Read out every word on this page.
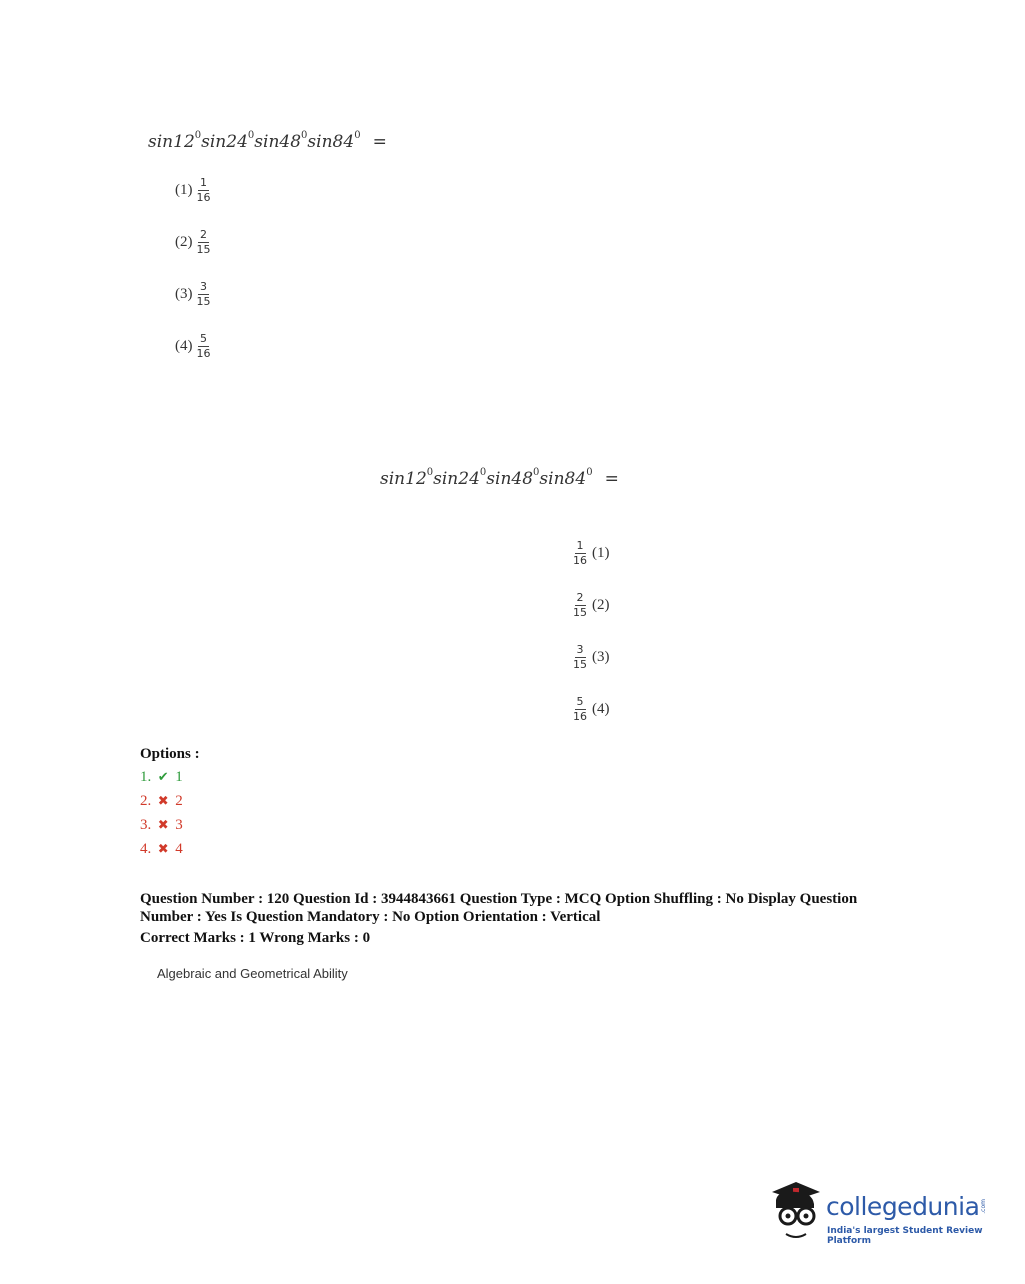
$\sin 12^0\sin 24^0\sin 48^0\sin 84^0$ =
$(1) \frac{1}{16}$
$(2) \frac{2}{15}$
$(3) \frac{3}{15}$
$(4) \frac{5}{16}$
$\sin 12^0\sin 24^0\sin 48^0\sin 84^0$ =
$\frac{1}{16} (1)$
$\frac{2}{15} (2)$
$\frac{3}{15} (3)$
$\frac{5}{16} (4)$
Options :
1. ✔ 1
2. ✖ 2
3. ✖ 3
4. ✖ 4
Question Number : 120 Question Id : 3944843661 Question Type : MCQ Option Shuffling : No Display Question
Number : Yes Is Question Mandatory : No Option Orientation : Vertical
Correct Marks : 1 Wrong Marks : 0
Algebraic and Geometrical Ability
collegedunia .com
India's largest Student Review Platform
